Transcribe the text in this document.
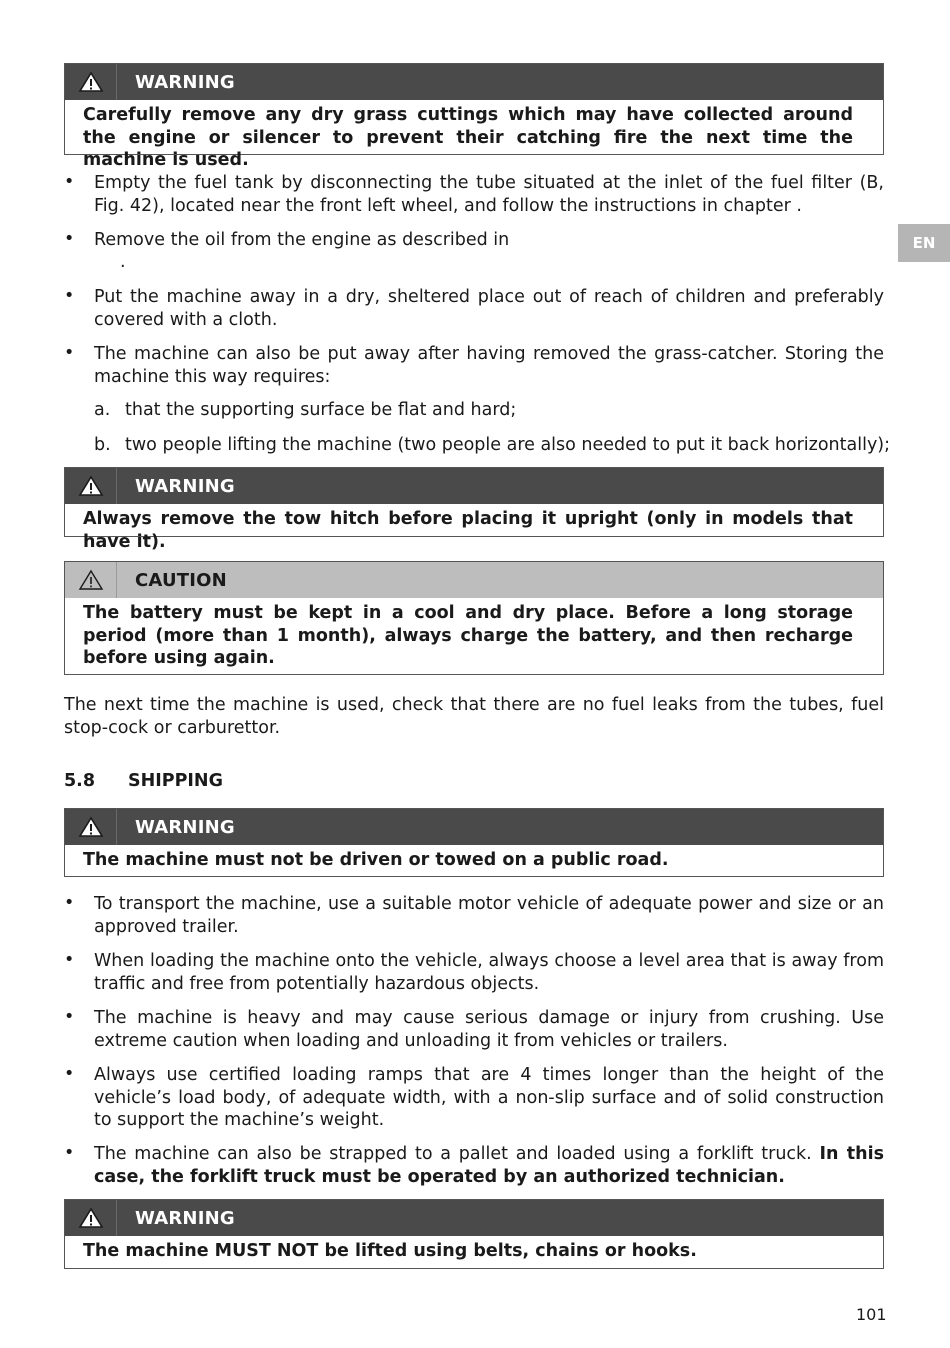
EN
WARNING
Carefully remove any dry grass cuttings which may have collected around the engine or silencer to prevent their catching fire the next time the machine is used.
• Empty the fuel tank by disconnecting the tube situated at the inlet of the fuel filter (B, Fig. 42), located near the front left wheel, and follow the instructions in chapter .
• Remove the oil from the engine as described in
.
• Put the machine away in a dry, sheltered place out of reach of children and preferably covered with a cloth.
• The machine can also be put away after having removed the grass-catcher. Storing the machine this way requires:
a. that the supporting surface be flat and hard;
b. two people lifting the machine (two people are also needed to put it back horizontally);
WARNING
Always remove the tow hitch before placing it upright (only in models that have it).
CAUTION
The battery must be kept in a cool and dry place. Before a long storage period (more than 1 month), always charge the battery, and then recharge before using again.
The next time the machine is used, check that there are no fuel leaks from the tubes, fuel stop-cock or carburettor.
5.8 SHIPPING
WARNING
The machine must not be driven or towed on a public road.
• To transport the machine, use a suitable motor vehicle of adequate power and size or an approved trailer.
• When loading the machine onto the vehicle, always choose a level area that is away from traffic and free from potentially hazardous objects.
• The machine is heavy and may cause serious damage or injury from crushing. Use extreme caution when loading and unloading it from vehicles or trailers.
• Always use certified loading ramps that are 4 times longer than the height of the vehicle’s load body, of adequate width, with a non-slip surface and of solid construction to support the machine’s weight.
• The machine can also be strapped to a pallet and loaded using a forklift truck. In this case, the forklift truck must be operated by an authorized technician.
WARNING
The machine MUST NOT be lifted using belts, chains or hooks.
101
